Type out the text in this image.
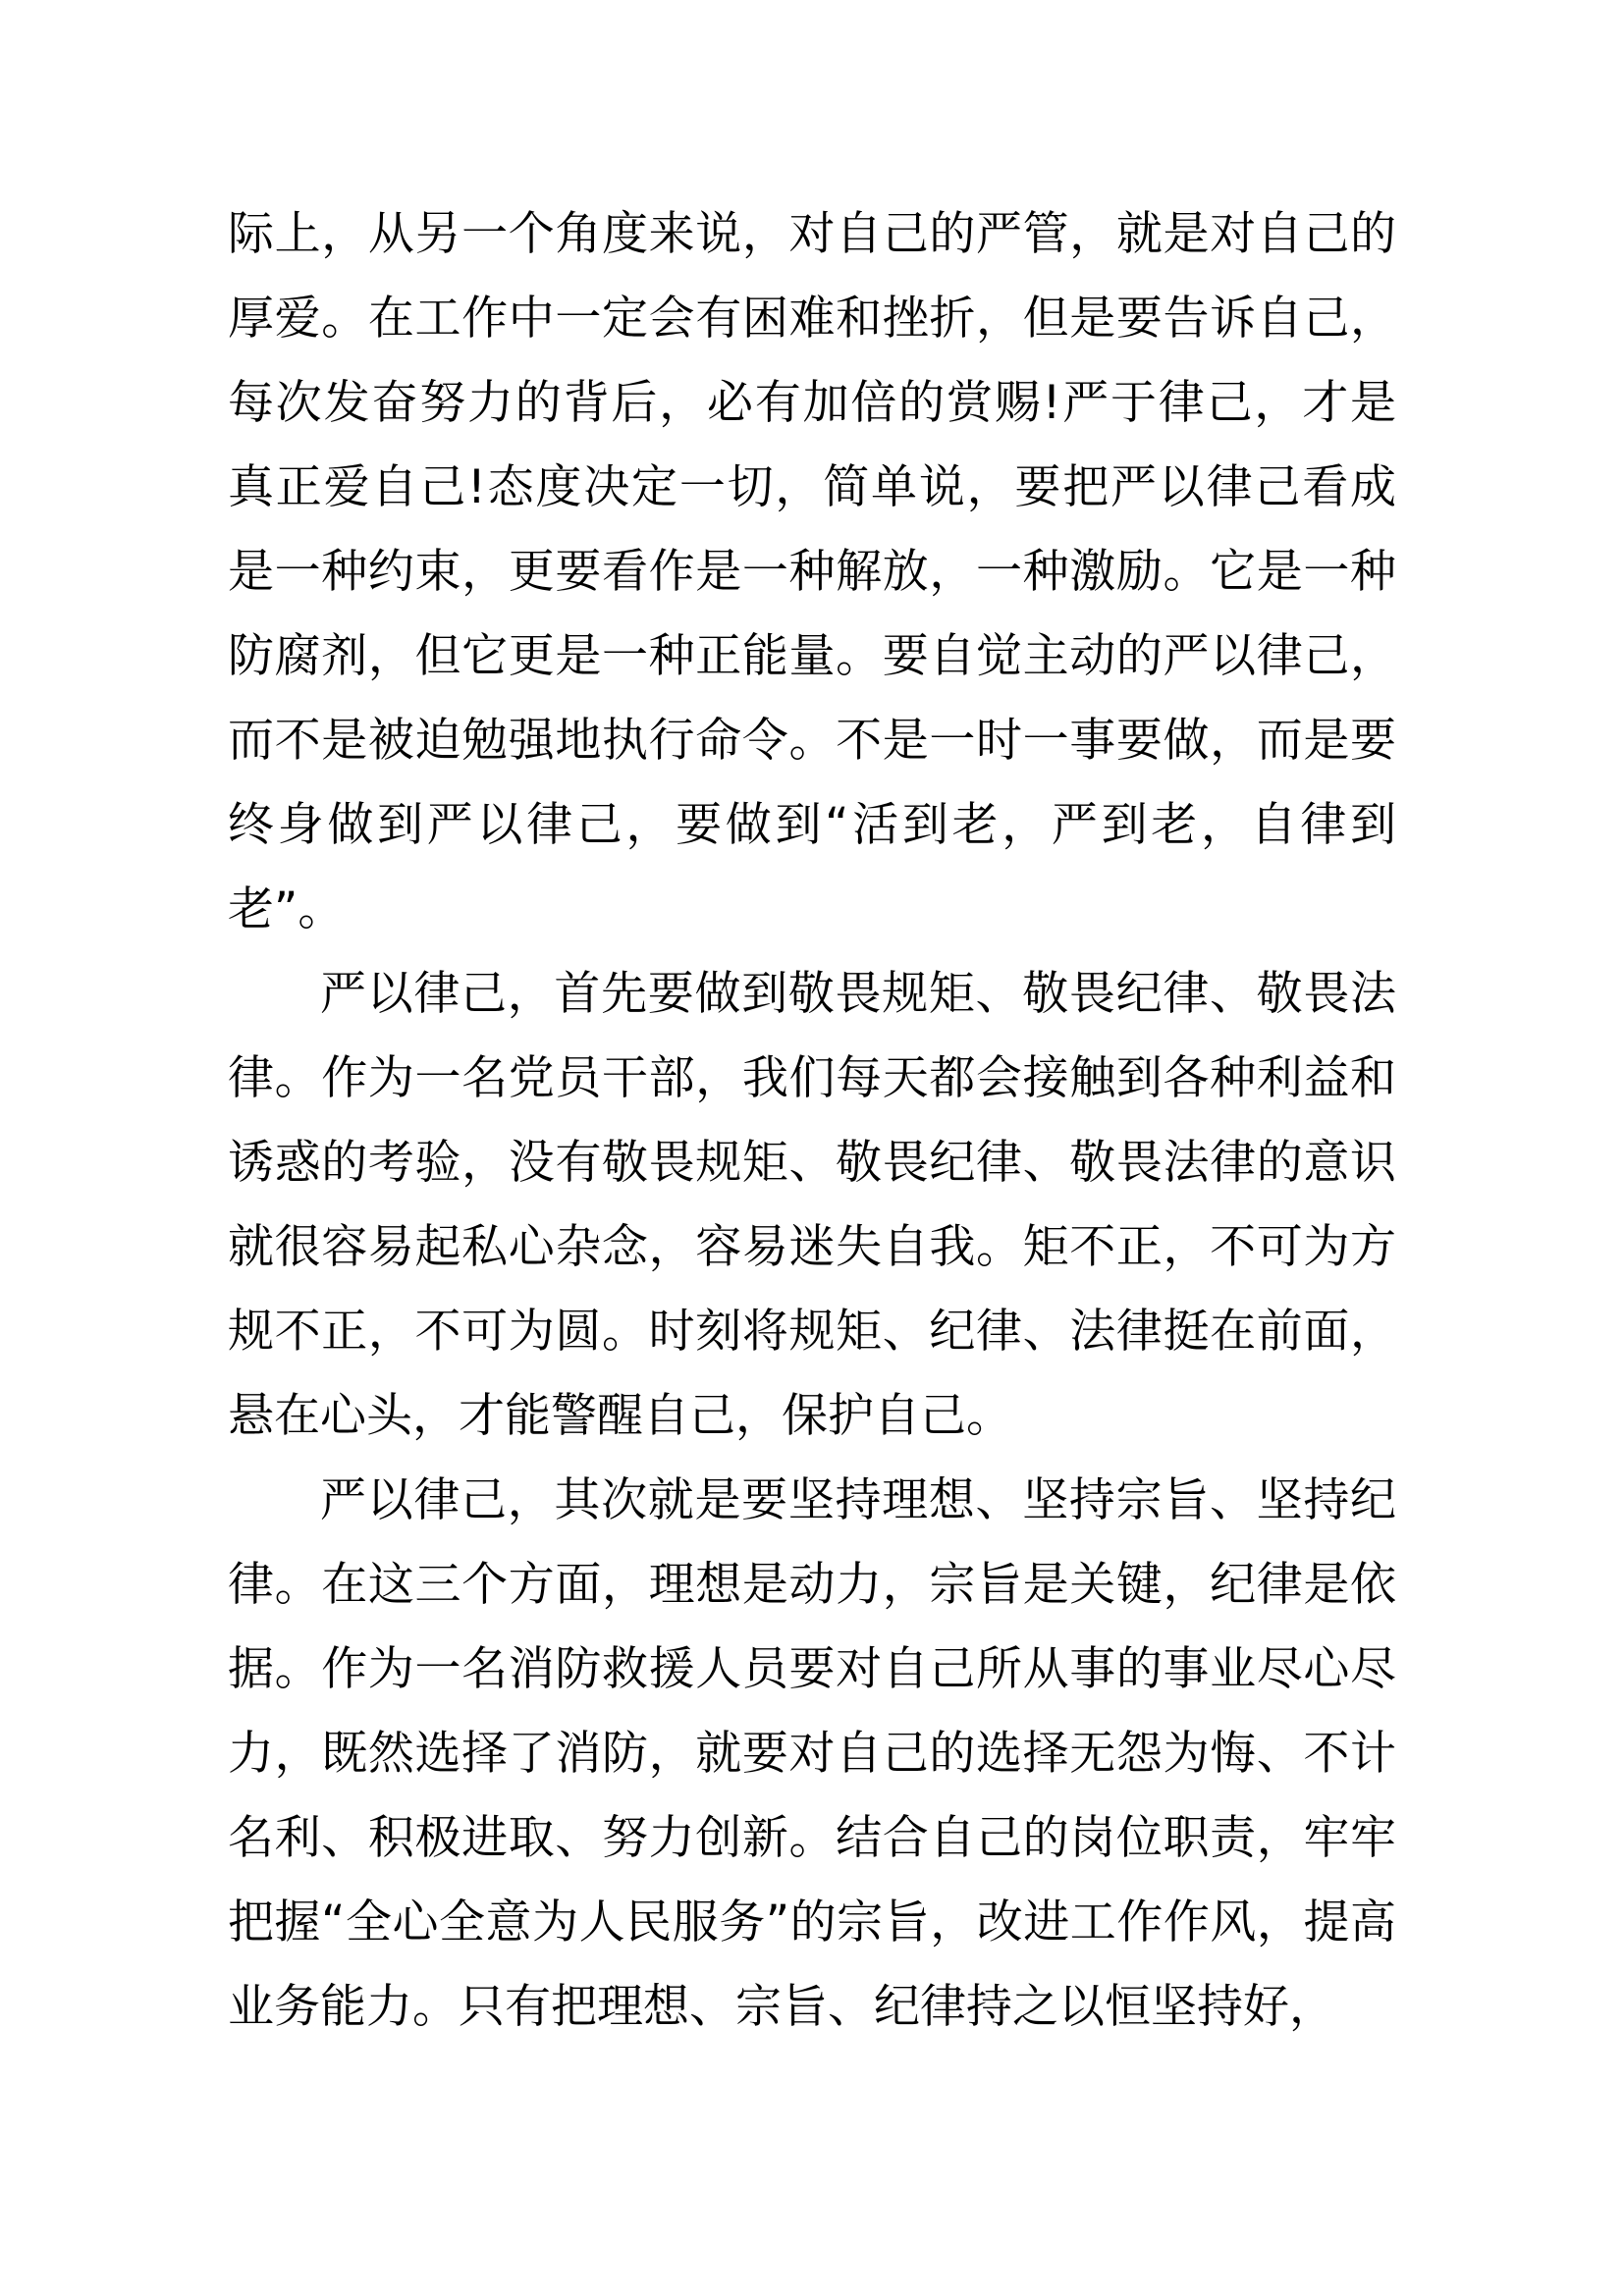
际上，从另一个角度来说，对自己的严管，就是对自己的厚爱。在工作中一定会有困难和挫折，但是要告诉自己，每次发奋努力的背后，必有加倍的赏赐!严于律己，才是真正爱自己!态度决定一切，简单说，要把严以律己看成是一种约束，更要看作是一种解放，一种激励。它是一种防腐剂，但它更是一种正能量。要自觉主动的严以律己，而不是被迫勉强地执行命令。不是一时一事要做，而是要终身做到严以律己，要做到“活到老，严到老，自律到老”。

严以律己，首先要做到敬畏规矩、敬畏纪律、敬畏法律。作为一名党员干部，我们每天都会接触到各种利益和诱惑的考验，没有敬畏规矩、敬畏纪律、敬畏法律的意识就很容易起私心杂念，容易迷失自我。矩不正，不可为方规不正，不可为圆。时刻将规矩、纪律、法律挺在前面，悬在心头，才能警醒自己，保护自己。

严以律己，其次就是要坚持理想、坚持宗旨、坚持纪律。在这三个方面，理想是动力，宗旨是关键，纪律是依据。作为一名消防救援人员要对自己所从事的事业尽心尽力，既然选择了消防，就要对自己的选择无怨为悔、不计名利、积极进取、努力创新。结合自己的岗位职责，牢牢把握“全心全意为人民服务”的宗旨，改进工作作风，提高业务能力。只有把理想、宗旨、纪律持之以恒坚持好，
